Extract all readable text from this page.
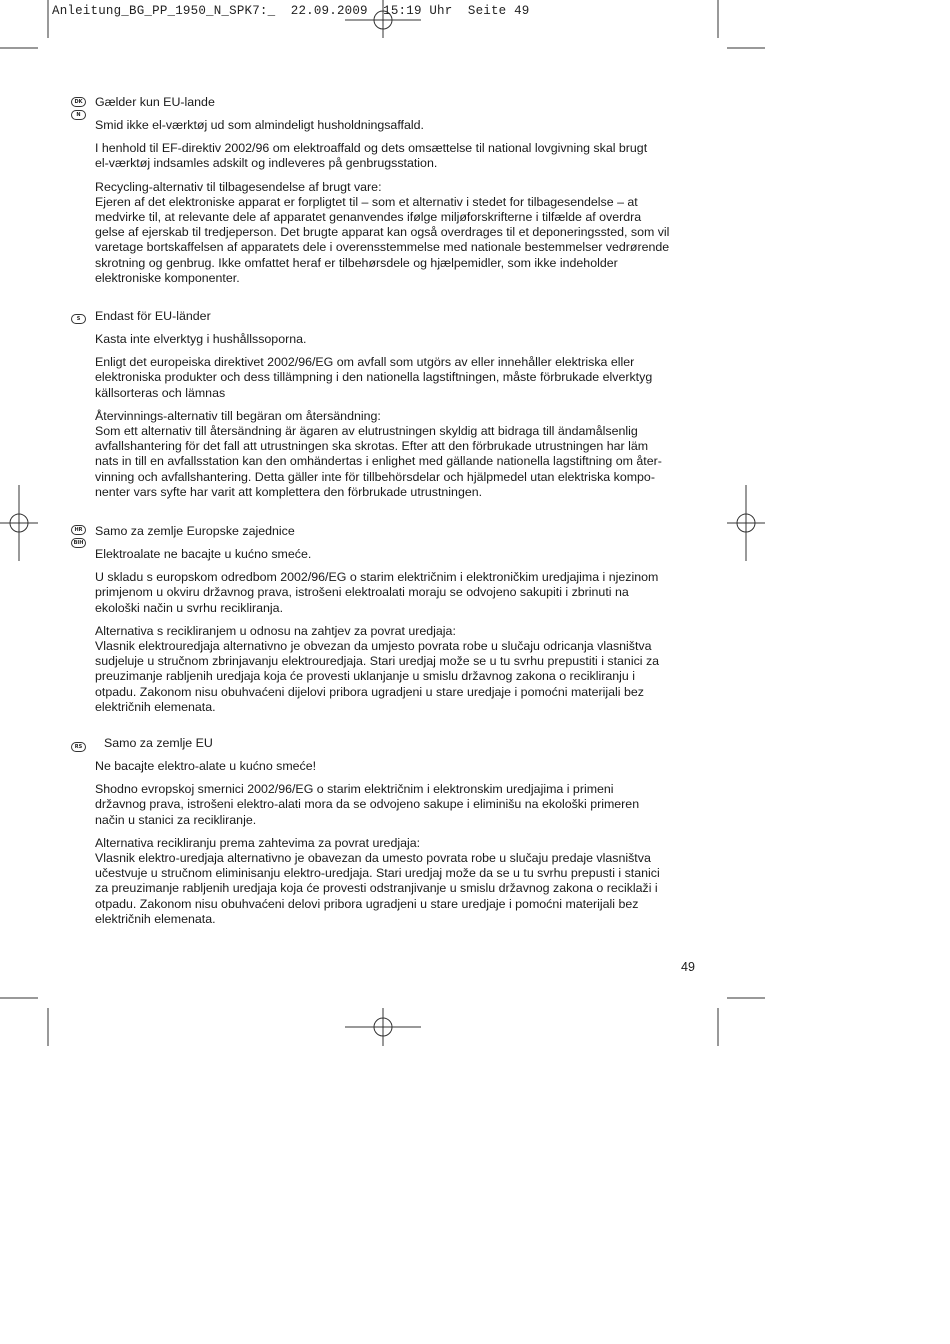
Anleitung_BG_PP_1950_N_SPK7:_  22.09.2009  15:19 Uhr  Seite 49
DK
N
Gælder kun EU-lande
Smid ikke el-værktøj ud som almindeligt husholdningsaffald.
I henhold til EF-direktiv 2002/96 om elektroaffald og dets omsættelse til national lovgivning skal brugt
el-værktøj indsamles adskilt og indleveres på genbrugsstation.
Recycling-alternativ til tilbagesendelse af brugt vare:
Ejeren af det elektroniske apparat er forpligtet til – som et alternativ i stedet for tilbagesendelse – at
medvirke til, at relevante dele af apparatet genanvendes ifølge miljøforskrifterne i tilfælde af overdra
gelse af ejerskab til tredjeperson. Det brugte apparat kan også overdrages til et deponeringssted, som vil
varetage bortskaffelsen af apparatets dele i overensstemmelse med nationale bestemmelser vedrørende
skrotning og genbrug. Ikke omfattet heraf er tilbehørsdele og hjælpemidler, som ikke indeholder
elektroniske komponenter.
S	Endast för EU-länder
Kasta inte elverktyg i hushållssoporna.
Enligt det europeiska direktivet 2002/96/EG om avfall som utgörs av eller innehåller elektriska eller
elektroniska produkter och dess tillämpning i den nationella lagstiftningen, måste förbrukade elverktyg
källsorteras och lämnas
Återvinnings-alternativ till begäran om återsändning:
Som ett alternativ till återsändning är ägaren av elutrustningen skyldig att bidraga till ändamålsenlig
avfallshantering för det fall att utrustningen ska skrotas. Efter att den förbrukade utrustningen har läm
nats in till en avfallsstation kan den omhändertas i enlighet med gällande nationella lagstiftning om åter-
vinning och avfallshantering. Detta gäller inte för tillbehörsdelar och hjälpmedel utan elektriska kompo-
nenter vars syfte har varit att komplettera den förbrukade utrustningen.
HR
BIH
Samo za zemlje Europske zajednice
Elektroalate ne bacajte u kućno smeće.
U skladu s europskom odredbom 2002/96/EG o starim električnim i elektroničkim uredjajima i njezinom
primjenom u okviru državnog prava, istrošeni elektroalati moraju se odvojeno sakupiti i zbrinuti na
ekološki način u svrhu recikliranja.
Alternativa s recikliranjem u odnosu na zahtjev za povrat uredjaja:
Vlasnik elektrouredjaja alternativno je obvezan da umjesto povrata robe u slučaju odricanja vlasništva
sudjeluje u stručnom zbrinjavanju elektrouredjaja. Stari uredjaj može se u tu svrhu prepustiti i stanici za
preuzimanje rabljenih uredjaja koja će provesti uklanjanje u smislu državnog zakona o recikliranju i
otpadu. Zakonom nisu obuhvaćeni dijelovi pribora ugradjeni u stare uredjaje i pomoćni materijali bez
električnih elemenata.
RS	Samo za zemlje EU
Ne bacajte elektro-alate u kućno smeće!
Shodno evropskoj smernici 2002/96/EG o starim električnim i elektronskim uredjajima i primeni
državnog prava, istrošeni elektro-alati mora da se odvojeno sakupe i eliminišu na ekološki primeren
način u stanici za recikliranje.
Alternativa recikliranju prema zahtevima za povrat uredjaja:
Vlasnik elektro-uredjaja alternativno je obavezan da umesto povrata robe u slučaju predaje vlasništva
učestvuje u stručnom eliminisanju elektro-uredjaja. Stari uredjaj može da se u tu svrhu prepusti i stanici
za preuzimanje rabljenih uredjaja koja će provesti odstranjivanje u smislu državnog zakona o reciklaži i
otpadu. Zakonom nisu obuhvaćeni delovi pribora ugradjeni u stare uredjaje i pomoćni materijali bez
električnih elemenata.
49
